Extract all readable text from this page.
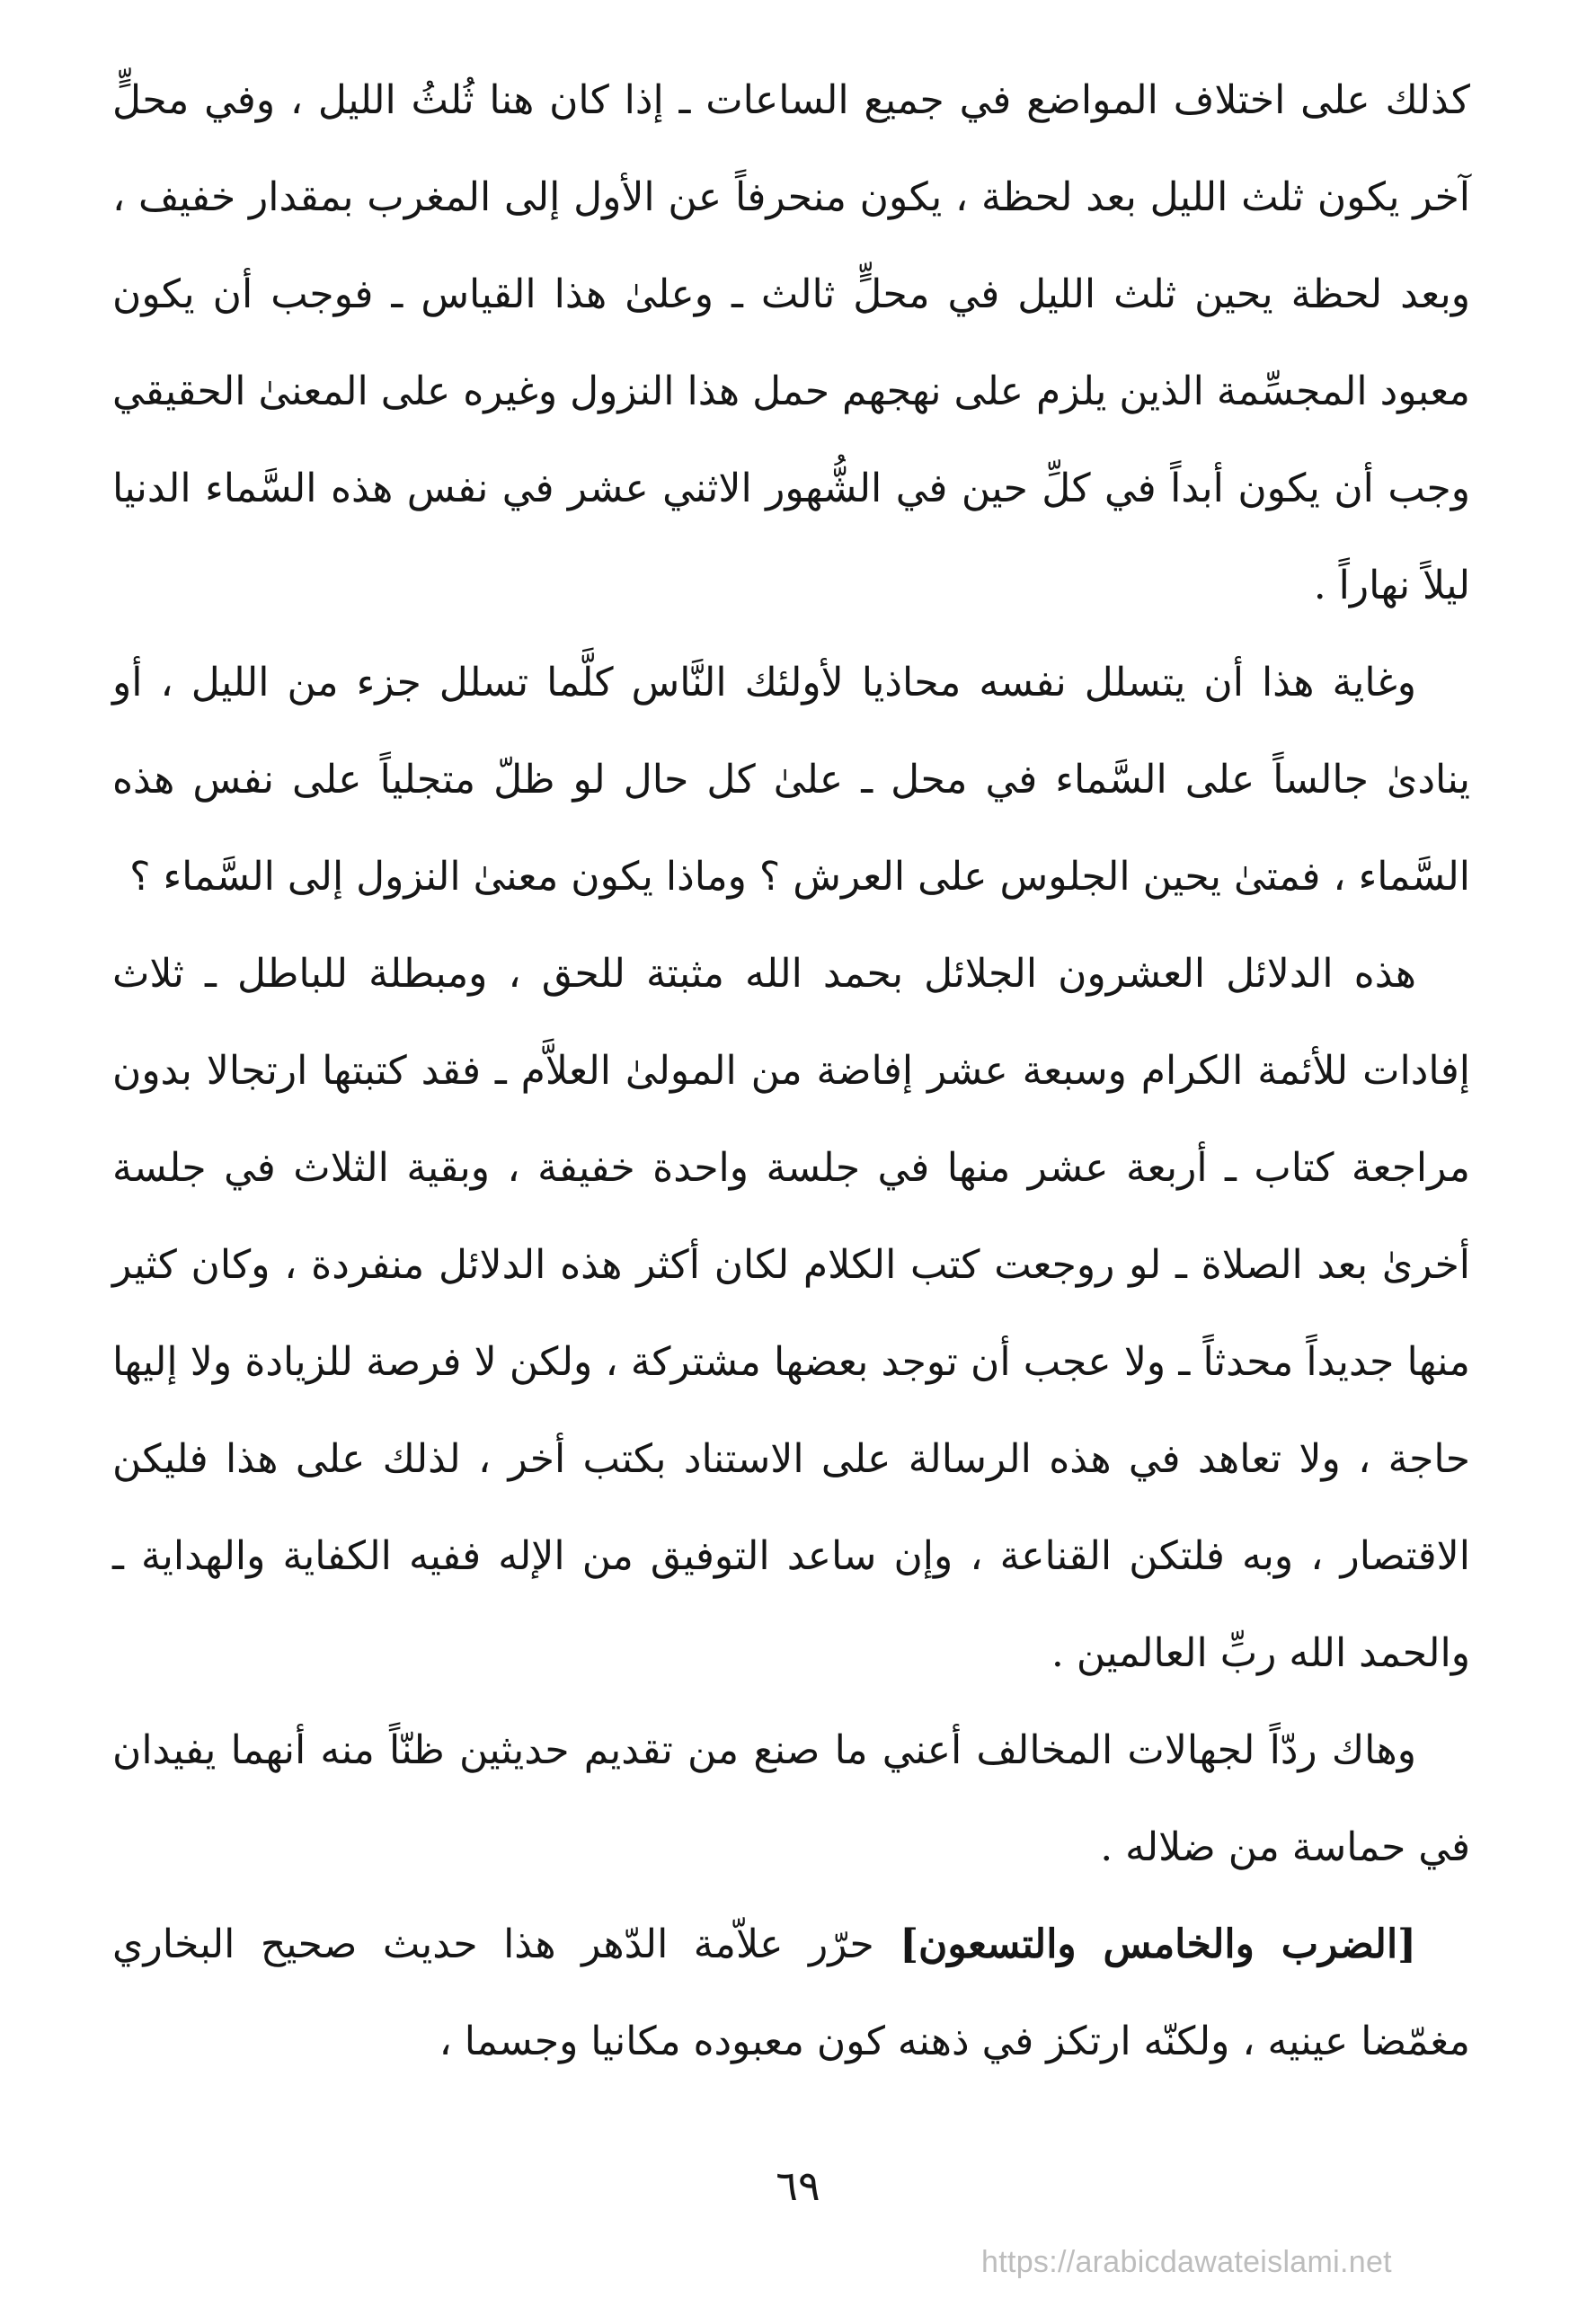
كذلك على اختلاف المواضع في جميع الساعات ـ إذا كان هنا ثُلثُ الليل ، وفي محلٍّ آخر يكون ثلث الليل بعد لحظة ، يكون منحرفاً عن الأول إلى المغرب بمقدار خفيف ، وبعد لحظة يحين ثلث الليل في محلٍّ ثالث ـ وعلىٰ هذا القياس ـ فوجب أن يكون معبود المجسِّمة الذين يلزم على نهجهم حمل هذا النزول وغيره على المعنىٰ الحقيقي وجب أن يكون أبداً في كلِّ حين في الشُّهور الاثني عشر في نفس هذه السَّماء الدنيا ليلاً نهاراً .

وغاية هذا أن يتسلل نفسه محاذيا لأولئك النَّاس كلَّما تسلل جزء من الليل ، أو ينادىٰ جالساً على السَّماء في محل ـ علىٰ كل حال لو ظلّ متجلياً على نفس هذه السَّماء ، فمتىٰ يحين الجلوس على العرش ؟ وماذا يكون معنىٰ النزول إلى السَّماء ؟

هذه الدلائل العشرون الجلائل بحمد الله مثبتة للحق ، ومبطلة للباطل ـ ثلاث إفادات للأئمة الكرام وسبعة عشر إفاضة من المولىٰ العلاَّم ـ فقد كتبتها ارتجالا بدون مراجعة كتاب ـ أربعة عشر منها في جلسة واحدة خفيفة ، وبقية الثلاث في جلسة أخرىٰ بعد الصلاة ـ لو روجعت كتب الكلام لكان أكثر هذه الدلائل منفردة ، وكان كثير منها جديداً محدثاً ـ ولا عجب أن توجد بعضها مشتركة ، ولكن لا فرصة للزيادة ولا إليها حاجة ، ولا تعاهد في هذه الرسالة على الاستناد بكتب أخر ، لذلك على هذا فليكن الاقتصار ، وبه فلتكن القناعة ، وإن ساعد التوفيق من الإله ففيه الكفاية والهداية ـ والحمد الله ربِّ العالمين .

وهاك ردّاً لجهالات المخالف أعني ما صنع من تقديم حديثين ظنّاً منه أنهما يفيدان في حماسة من ضلاله .

[الضرب والخامس والتسعون] حرّر علاّمة الدّهر هذا حديث صحيح البخاري مغمّضا عينيه ، ولكنّه ارتكز في ذهنه كون معبوده مكانيا وجسما ،

٦٩
https://arabicdawateislami.net
